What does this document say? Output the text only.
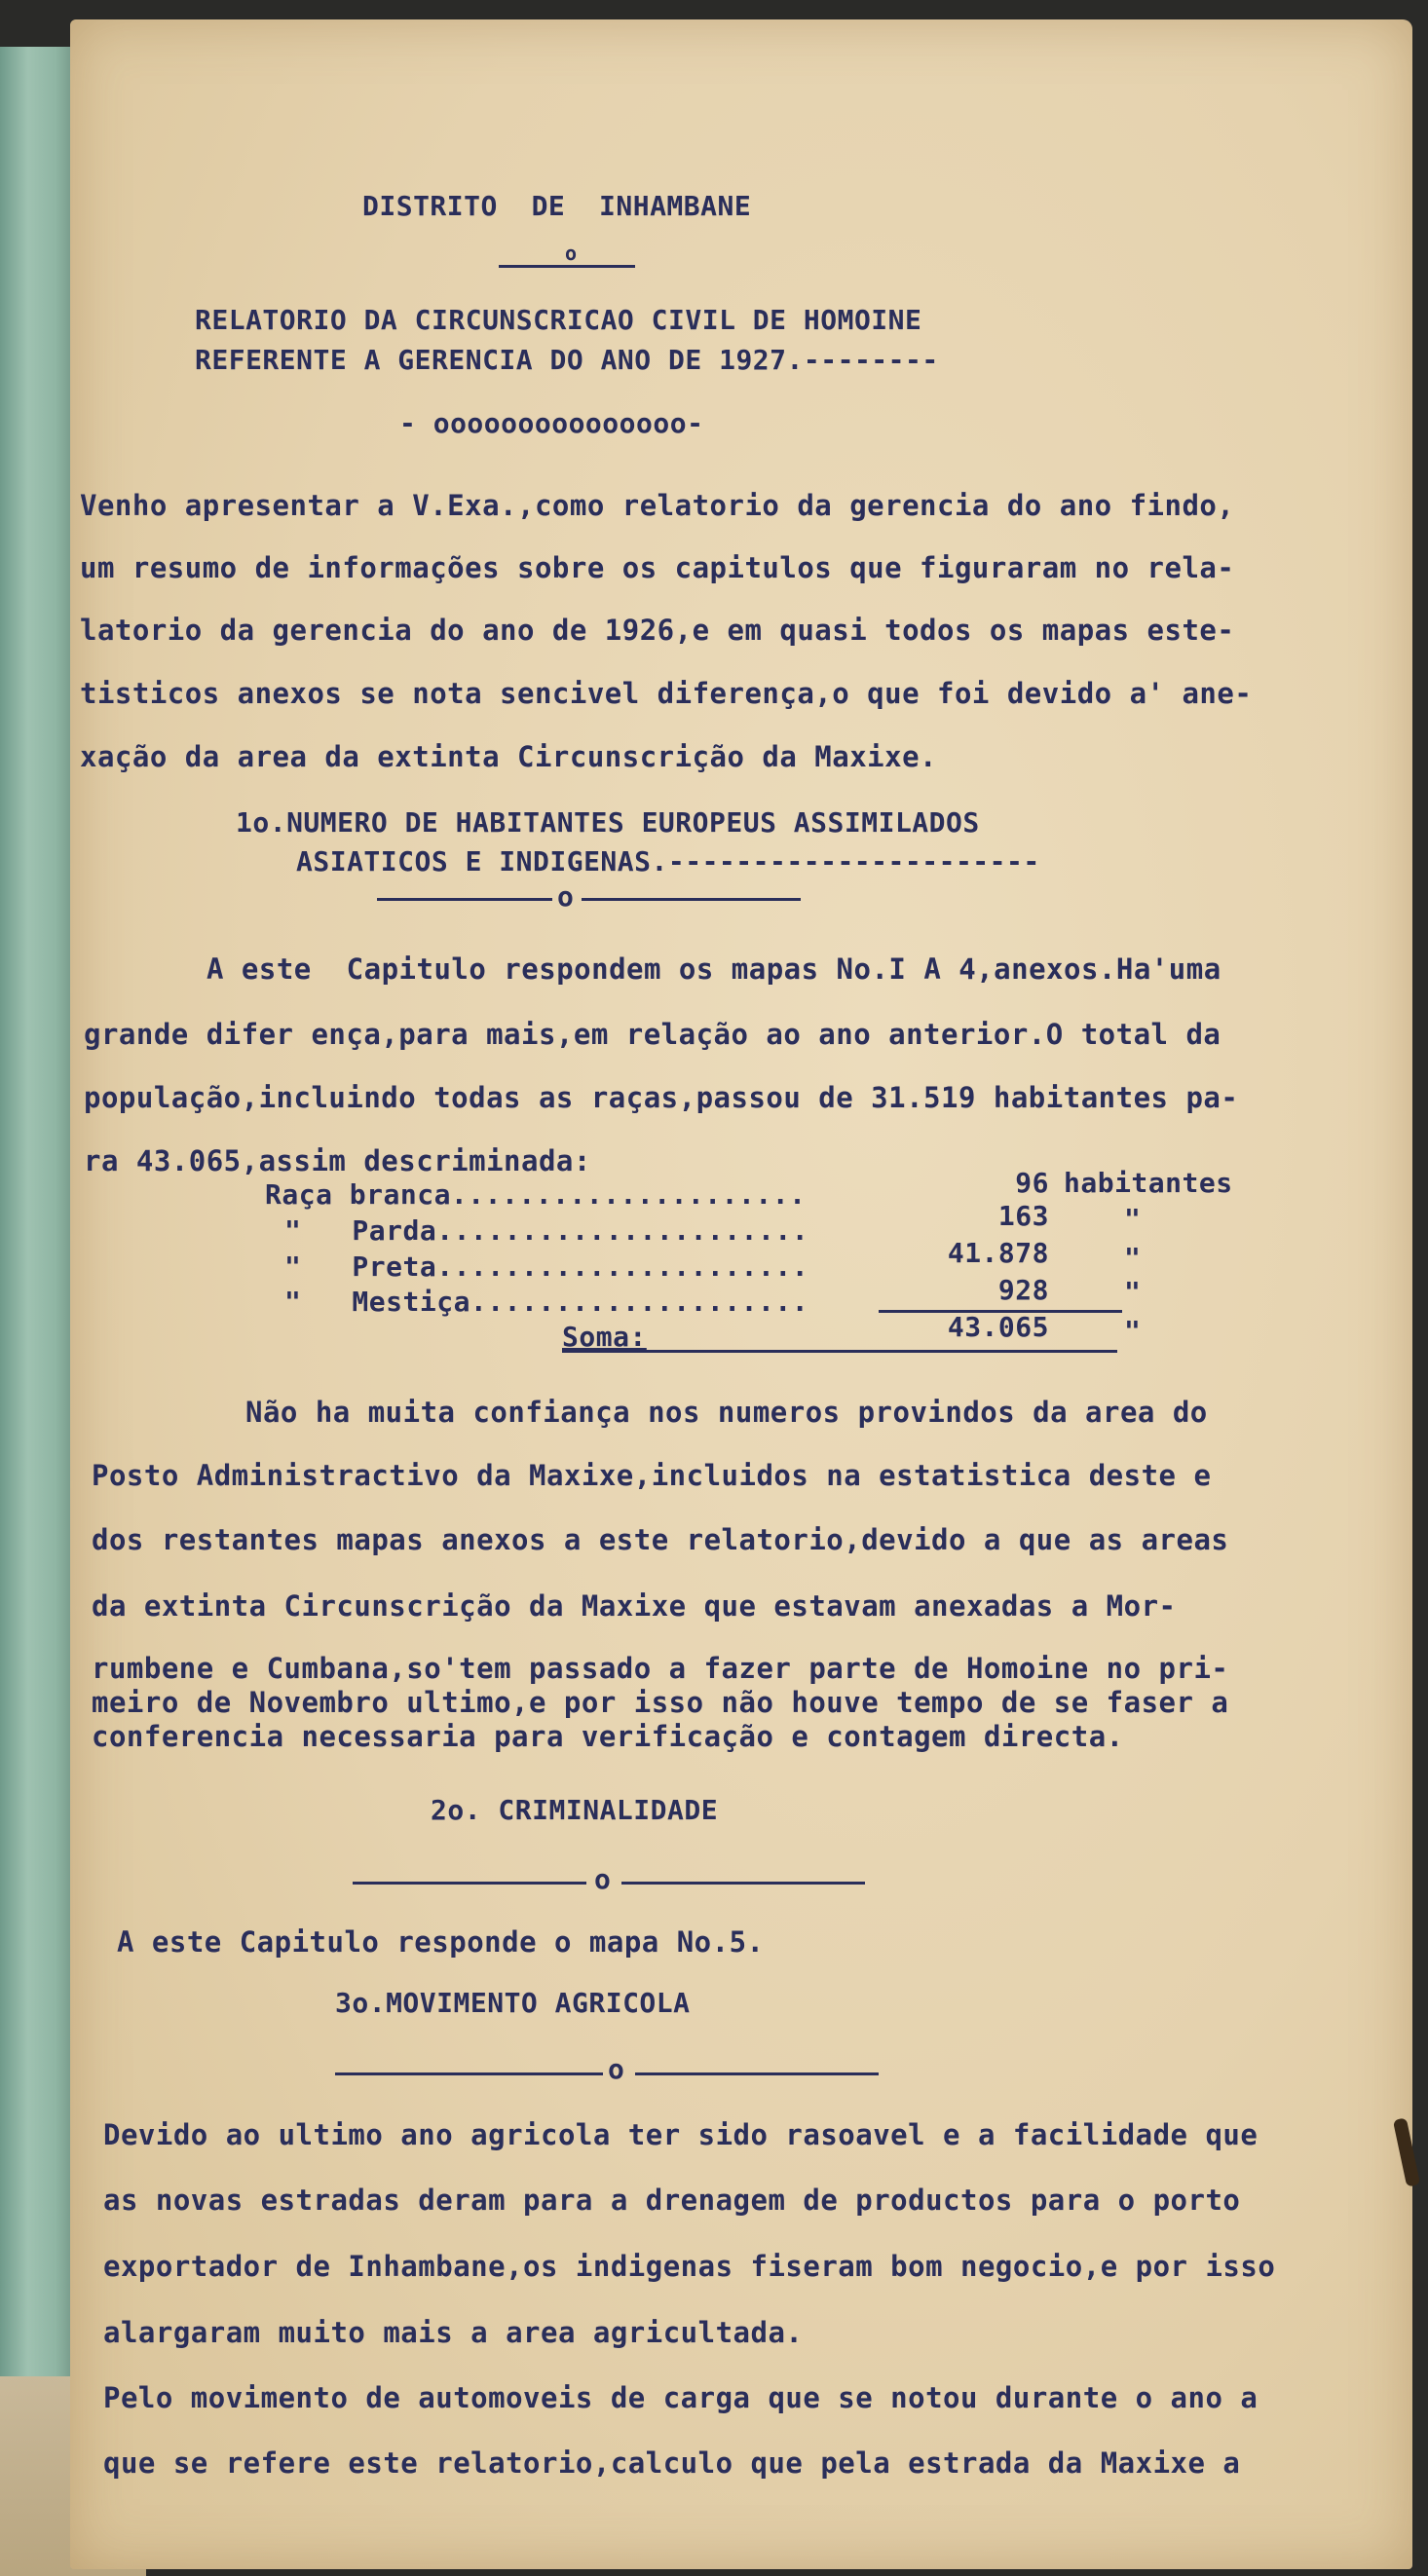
DISTRITO  DE  INHAMBANE
o
RELATORIO DA CIRCUNSCRICAO CIVIL DE HOMOINE
REFERENTE A GERENCIA DO ANO DE 1927.--------
- ooooooooooooooo-
Venho apresentar a V.Exa.,como relatorio da gerencia do ano findo,
um resumo de informações sobre os capitulos que figuraram no rela-
latorio da gerencia do ano de 1926,e em quasi todos os mapas este-
tisticos anexos se nota sencivel diferença,o que foi devido a' ane-
xação da area da extinta Circunscrição da Maxixe.
1o.NUMERO DE HABITANTES EUROPEUS ASSIMILADOS
ASIATICOS E INDIGENAS.----------------------
o
A este  Capitulo respondem os mapas No.I A 4,anexos.Ha'uma
grande difer ença,para mais,em relação ao ano anterior.O total da
população,incluindo todas as raças,passou de 31.519 habitantes pa-
ra 43.065,assim descriminada:
Raça branca.....................	96 habitantes
"   Parda......................	163	"
"   Preta......................	41.878	"
"   Mestiça....................	928	"
Soma:	43.065	"
Não ha muita confiança nos numeros provindos da area do
Posto Administractivo da Maxixe,incluidos na estatistica deste e
dos restantes mapas anexos a este relatorio,devido a que as areas
da extinta Circunscrição da Maxixe que estavam anexadas a Mor-
rumbene e Cumbana,so'tem passado a fazer parte de Homoine no pri-
meiro de Novembro ultimo,e por isso não houve tempo de se faser a
conferencia necessaria para verificação e contagem directa.
2o. CRIMINALIDADE
o
A este Capitulo responde o mapa No.5.
3o.MOVIMENTO AGRICOLA
o
Devido ao ultimo ano agricola ter sido rasoavel e a facilidade que
as novas estradas deram para a drenagem de productos para o porto
exportador de Inhambane,os indigenas fiseram bom negocio,e por isso
alargaram muito mais a area agricultada.
Pelo movimento de automoveis de carga que se notou durante o ano a
que se refere este relatorio,calculo que pela estrada da Maxixe a
